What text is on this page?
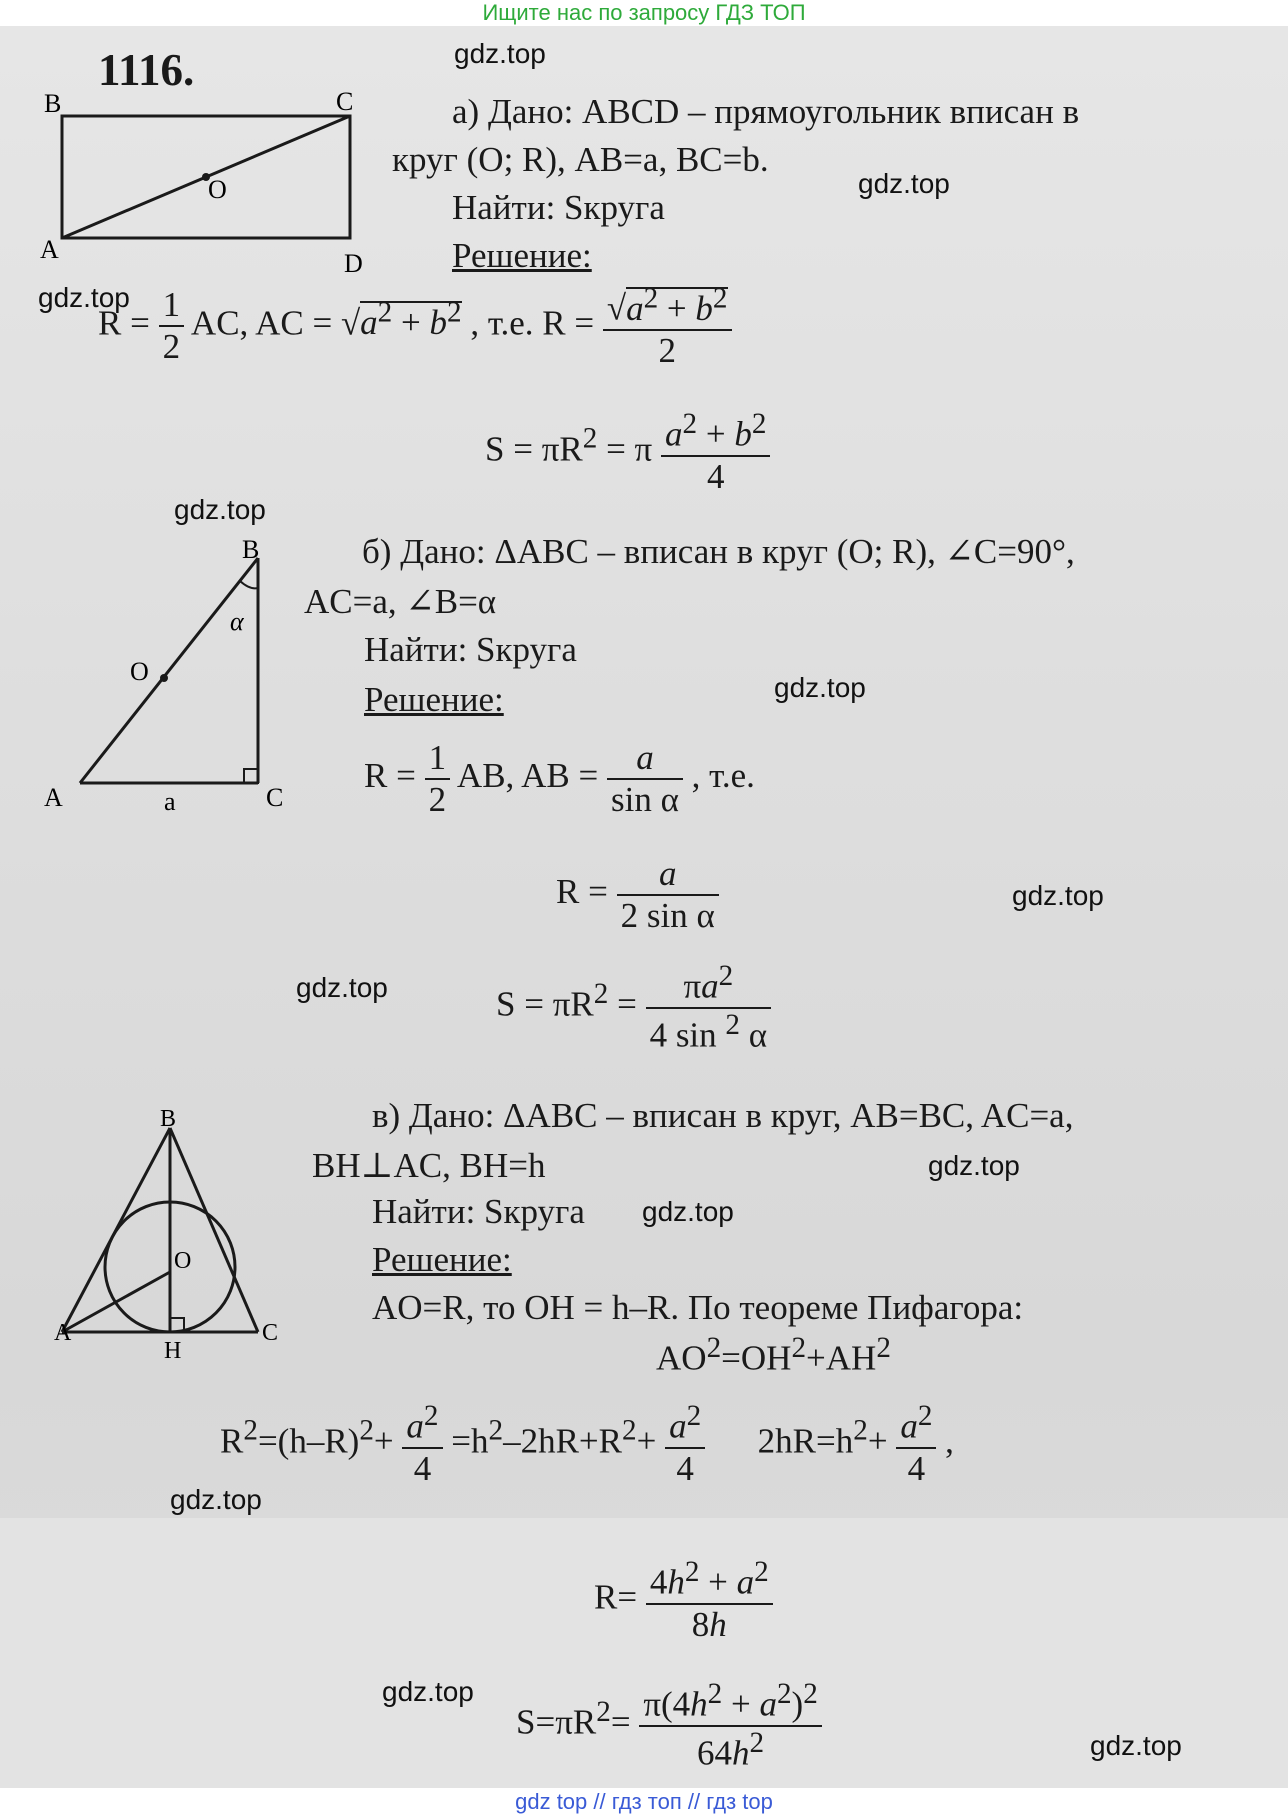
Ищите нас по запросу ГДЗ ТОП
1116.
B	C
A	D
O
а) Дано: ABCD – прямоугольник вписан в
круг (O; R), AB=a, BC=b.
Найти: Sкруга
Решение:
$R = \frac{1}{2}$ AC, AC = $√a^2 + b^2$ , т.е. $R = \frac{√a^2 + b^2}{2}$
$S = \pi R^2 = \pi \frac{a^2 + b^2}{4}$
B
C
A
O
α
a
б) Дано: ΔABC – вписан в круг (O; R), ∠C=90°,
AC=a, ∠B=α
Найти: Sкруга
Решение:
$R = \frac{1}{2}$ AB, AB = $\frac{a}{\text{sin α}}$ , т.е.
$R = \frac{a}{\text{2 sin α}}$
$S = \pi R^2 = \frac{\pi a^2}{4 \sin ^2 \alpha}$
B
C
A
O
H
в) Дано: ΔABC – вписан в круг, AB=BC, AC=a,
BH⊥AC, BH=h
Найти: Sкруга
Решение:
AO=R, то OH = h–R. По теореме Пифагора:
$AO^2=OH^2+AH^2$
$R^2=(h-R)^2+ \frac{a^2}{4} =h^2-2hR+R^2+ \frac{a^2}{4} 2hR=h^2+ \frac{a^2}{4}$ ,
$R= \frac{4h^2 + a^2}{8h}$
$S=\pi R^2= \frac{\pi(4h^2 + a^2)^2}{64h^2}$
gdz.top
gdz.top
gdz.top
gdz.top
gdz.top
gdz.top
gdz.top
gdz.top
gdz.top
gdz.top
gdz.top
gdz.top
gdz top // гдз топ // гдз top
